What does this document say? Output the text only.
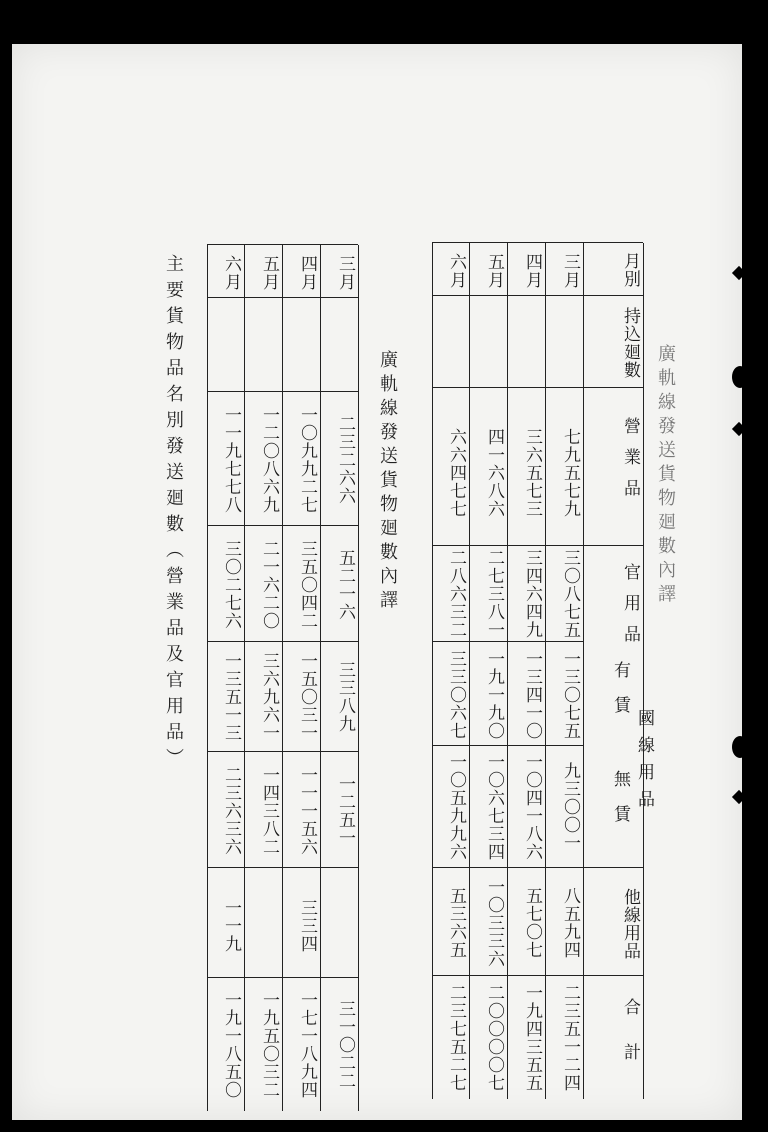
廣軌線發送貨物廻數內譯
廣軌線發送貨物廻數內譯
主要貨物品名別發送廻數（營業品及官用品）	月別
持込廻數
營業品
官用品
有賃
無賃 國線用品
他線用品
合計
三月
七九五七九
三〇八七五
一三〇七五
九三〇〇一
八五九四
二三五一二四
四月
三六五七三
三四六四九
一三四一〇
一〇四一八六
五七〇七
一九四三五五
五月
四一六八六
二七三八一
一九一九〇
一〇六七三四
一〇三三六
二〇〇〇〇七
六月
六六四七七
二八六三二
三三〇六七
一〇五九九六
五三六五
二三七五二七
三月
二三二六六
五二一六
三三八九
一二五一
三一〇二二
四月
一〇九九二七
三五〇四二
一五〇三一
一一一五六
三三四
一七一八九四
五月
一二〇八六九
二一六二〇
三六九六一
一四三八二
一九五〇三二
六月
一一九七七八
三〇二七六
一三五一三
二三六三六
一一九
一九一八五〇
